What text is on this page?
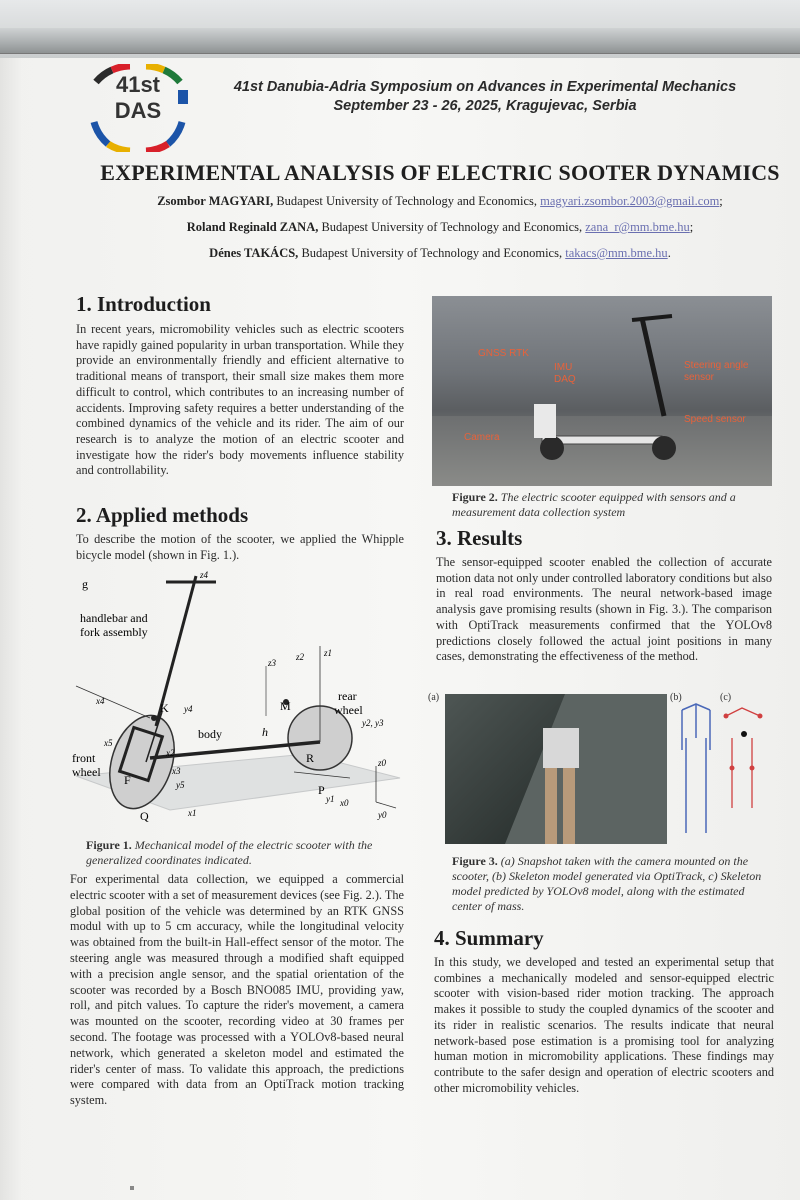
41st
DAS
41st Danubia-Adria Symposium on Advances in Experimental Mechanics
September 23 - 26, 2025, Kragujevac, Serbia
EXPERIMENTAL ANALYSIS OF ELECTRIC SOOTER DYNAMICS
Zsombor MAGYARI, Budapest University of Technology and Economics, magyari.zsombor.2003@gmail.com;
Roland Reginald ZANA, Budapest University of Technology and Economics, zana_r@mm.bme.hu;
Dénes TAKÁCS, Budapest University of Technology and Economics, takacs@mm.bme.hu.
1. Introduction
In recent years, micromobility vehicles such as electric scooters have rapidly gained popularity in urban transportation. While they provide an environmentally friendly and efficient alternative to traditional means of transport, their small size makes them more difficult to control, which contributes to an increasing number of accidents. Improving safety requires a better understanding of the combined dynamics of the vehicle and its rider. The aim of our research is to analyze the motion of an electric scooter and investigate how the rider's body movements influence stability and controllability.
2. Applied methods
To describe the motion of the scooter, we applied the Whipple bicycle model (shown in Fig. 1.).
g
handlebar and
fork assembly
rear
wheel
body
front
wheel
K	M
R
F
Q
P
h
z4
x4
y4
z1
z2
z3
y2, y3
z0
x0
y0
x5
x2
x3
y5
x1
y1
Figure 1. Mechanical model of the electric scooter with the generalized coordinates indicated.
For experimental data collection, we equipped a commercial electric scooter with a set of measurement devices (see Fig. 2.). The global position of the vehicle was determined by an RTK GNSS modul with up to 5 cm accuracy, while the longitudinal velocity was obtained from the built-in Hall-effect sensor of the motor. The steering angle was measured through a modified shaft equipped with a precision angle sensor, and the spatial orientation of the scooter was recorded by a Bosch BNO085 IMU, providing yaw, roll, and pitch values. To capture the rider's movement, a camera was mounted on the scooter, recording video at 30 frames per second. The footage was processed with a YOLOv8-based neural network, which generated a skeleton model and estimated the rider's center of mass. To validate this approach, the predictions were compared with data from an OptiTrack motion tracking system.
GNSS RTK
IMU
DAQ
Steering angle
sensor
Speed sensor
Camera
Figure 2. The electric scooter equipped with sensors and a measurement data collection system
3. Results
The sensor-equipped scooter enabled the collection of accurate motion data not only under controlled laboratory conditions but also in real road environments. The neural network-based image analysis gave promising results (shown in Fig. 3.). The comparison with OptiTrack measurements confirmed that the YOLOv8 predictions closely followed the actual joint positions in many cases, demonstrating the effectiveness of the method.
(a)	(b)	(c)
Figure 3. (a) Snapshot taken with the camera mounted on the scooter, (b) Skeleton model generated via OptiTrack, c) Skeleton model predicted by YOLOv8 model, along with the estimated center of mass.
4. Summary
In this study, we developed and tested an experimental setup that combines a mechanically modeled and sensor-equipped electric scooter with vision-based rider motion tracking. The approach makes it possible to study the coupled dynamics of the scooter and its rider in realistic scenarios. The results indicate that neural network-based pose estimation is a promising tool for analyzing human motion in micromobility applications. These findings may contribute to the safer design and operation of electric scooters and other micromobility vehicles.
